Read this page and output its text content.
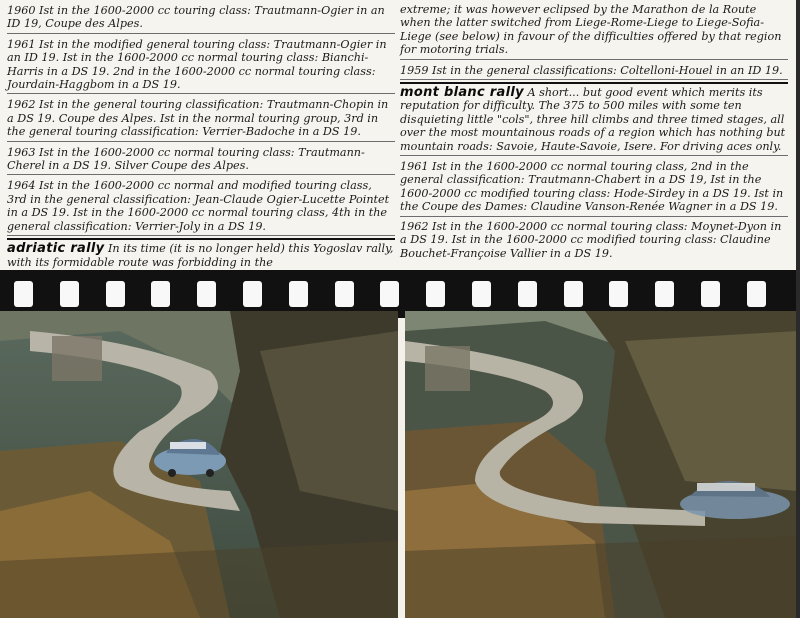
1960 Ist in the 1600-2000 cc touring class: Trautmann-Ogier in an ID 19, Coupe des Alpes.
1961 Ist in the modified general touring class: Trautmann-Ogier in an ID 19. Ist in the 1600-2000 cc normal touring class: Bianchi-Harris in a DS 19. 2nd in the 1600-2000 cc normal touring class: Jourdain-Haggbom in a DS 19.
1962 Ist in the general touring classification: Trautmann-Chopin in a DS 19. Coupe des Alpes. Ist in the normal touring group, 3rd in the general touring classification: Verrier-Badoche in a DS 19.
1963 Ist in the 1600-2000 cc normal touring class: Trautmann-Cherel in a DS 19. Silver Coupe des Alpes.
1964 Ist in the 1600-2000 cc normal and modified touring class, 3rd in the general classification: Jean-Claude Ogier-Lucette Pointet in a DS 19. Ist in the 1600-2000 cc normal touring class, 4th in the general classification: Verrier-Joly in a DS 19.
adriatic rally In its time (it is no longer held) this Yogoslav rally, with its formidable route was forbidding in the
extreme; it was however eclipsed by the Marathon de la Route when the latter switched from Liege-Rome-Liege to Liege-Sofia-Liege (see below) in favour of the difficulties offered by that region for motoring trials.
1959 Ist in the general classifications: Coltelloni-Houel in an ID 19.
mont blanc rally A short... but good event which merits its reputation for difficulty. The 375 to 500 miles with some ten disquieting little "cols", three hill climbs and three timed stages, all over the most mountainous roads of a region which has nothing but mountain roads: Savoie, Haute-Savoie, Isere. For driving aces only.
1961 Ist in the 1600-2000 cc normal touring class, 2nd in the general classification: Trautmann-Chabert in a DS 19, Ist in the 1600-2000 cc modified touring class: Hode-Sirdey in a DS 19. Ist in the Coupe des Dames: Claudine Vanson-Renée Wagner in a DS 19.
1962 Ist in the 1600-2000 cc normal touring class: Moynet-Dyon in a DS 19. Ist in the 1600-2000 cc modified touring class: Claudine Bouchet-Françoise Vallier in a DS 19.
